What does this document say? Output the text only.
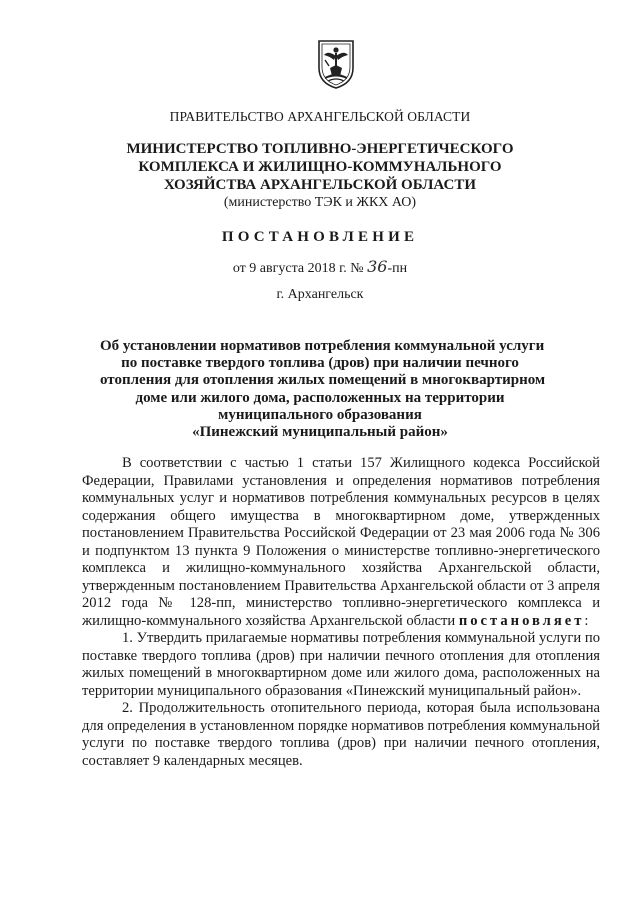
ПРАВИТЕЛЬСТВО АРХАНГЕЛЬСКОЙ ОБЛАСТИ
МИНИСТЕРСТВО ТОПЛИВНО-ЭНЕРГЕТИЧЕСКОГО
КОМПЛЕКСА И ЖИЛИЩНО-КОММУНАЛЬНОГО
ХОЗЯЙСТВА АРХАНГЕЛЬСКОЙ ОБЛАСТИ
(министерство ТЭК и ЖКХ АО)
ПОСТАНОВЛЕНИЕ
от 9 августа 2018 г. № 36-пн
г. Архангельск
Об установлении нормативов потребления коммунальной услуги
по поставке твердого топлива (дров) при наличии печного
отопления для отопления жилых помещений в многоквартирном
доме или жилого дома, расположенных на территории
муниципального образования
«Пинежский муниципальный район»

В соответствии с частью 1 статьи 157 Жилищного кодекса Российской Федерации, Правилами установления и определения нормативов потребления коммунальных услуг и нормативов потребления коммунальных ресурсов в целях содержания общего имущества в многоквартирном доме, утвержденных постановлением Правительства Российской Федерации от 23 мая 2006 года № 306 и подпунктом 13 пункта 9 Положения о министерстве топливно-энергетического комплекса и жилищно-коммунального хозяйства Архангельской области, утвержденным постановлением Правительства Архангельской области от 3 апреля 2012 года № 128-пп, министерство топливно-энергетического комплекса и жилищно-коммунального хозяйства Архангельской области постановляет:

1. Утвердить прилагаемые нормативы потребления коммунальной услуги по поставке твердого топлива (дров) при наличии печного отопления для отопления жилых помещений в многоквартирном доме или жилого дома, расположенных на территории муниципального образования «Пинежский муниципальный район».

2. Продолжительность отопительного периода, которая была использована для определения в установленном порядке нормативов потребления коммунальной услуги по поставке твердого топлива (дров) при наличии печного отопления, составляет 9 календарных месяцев.
